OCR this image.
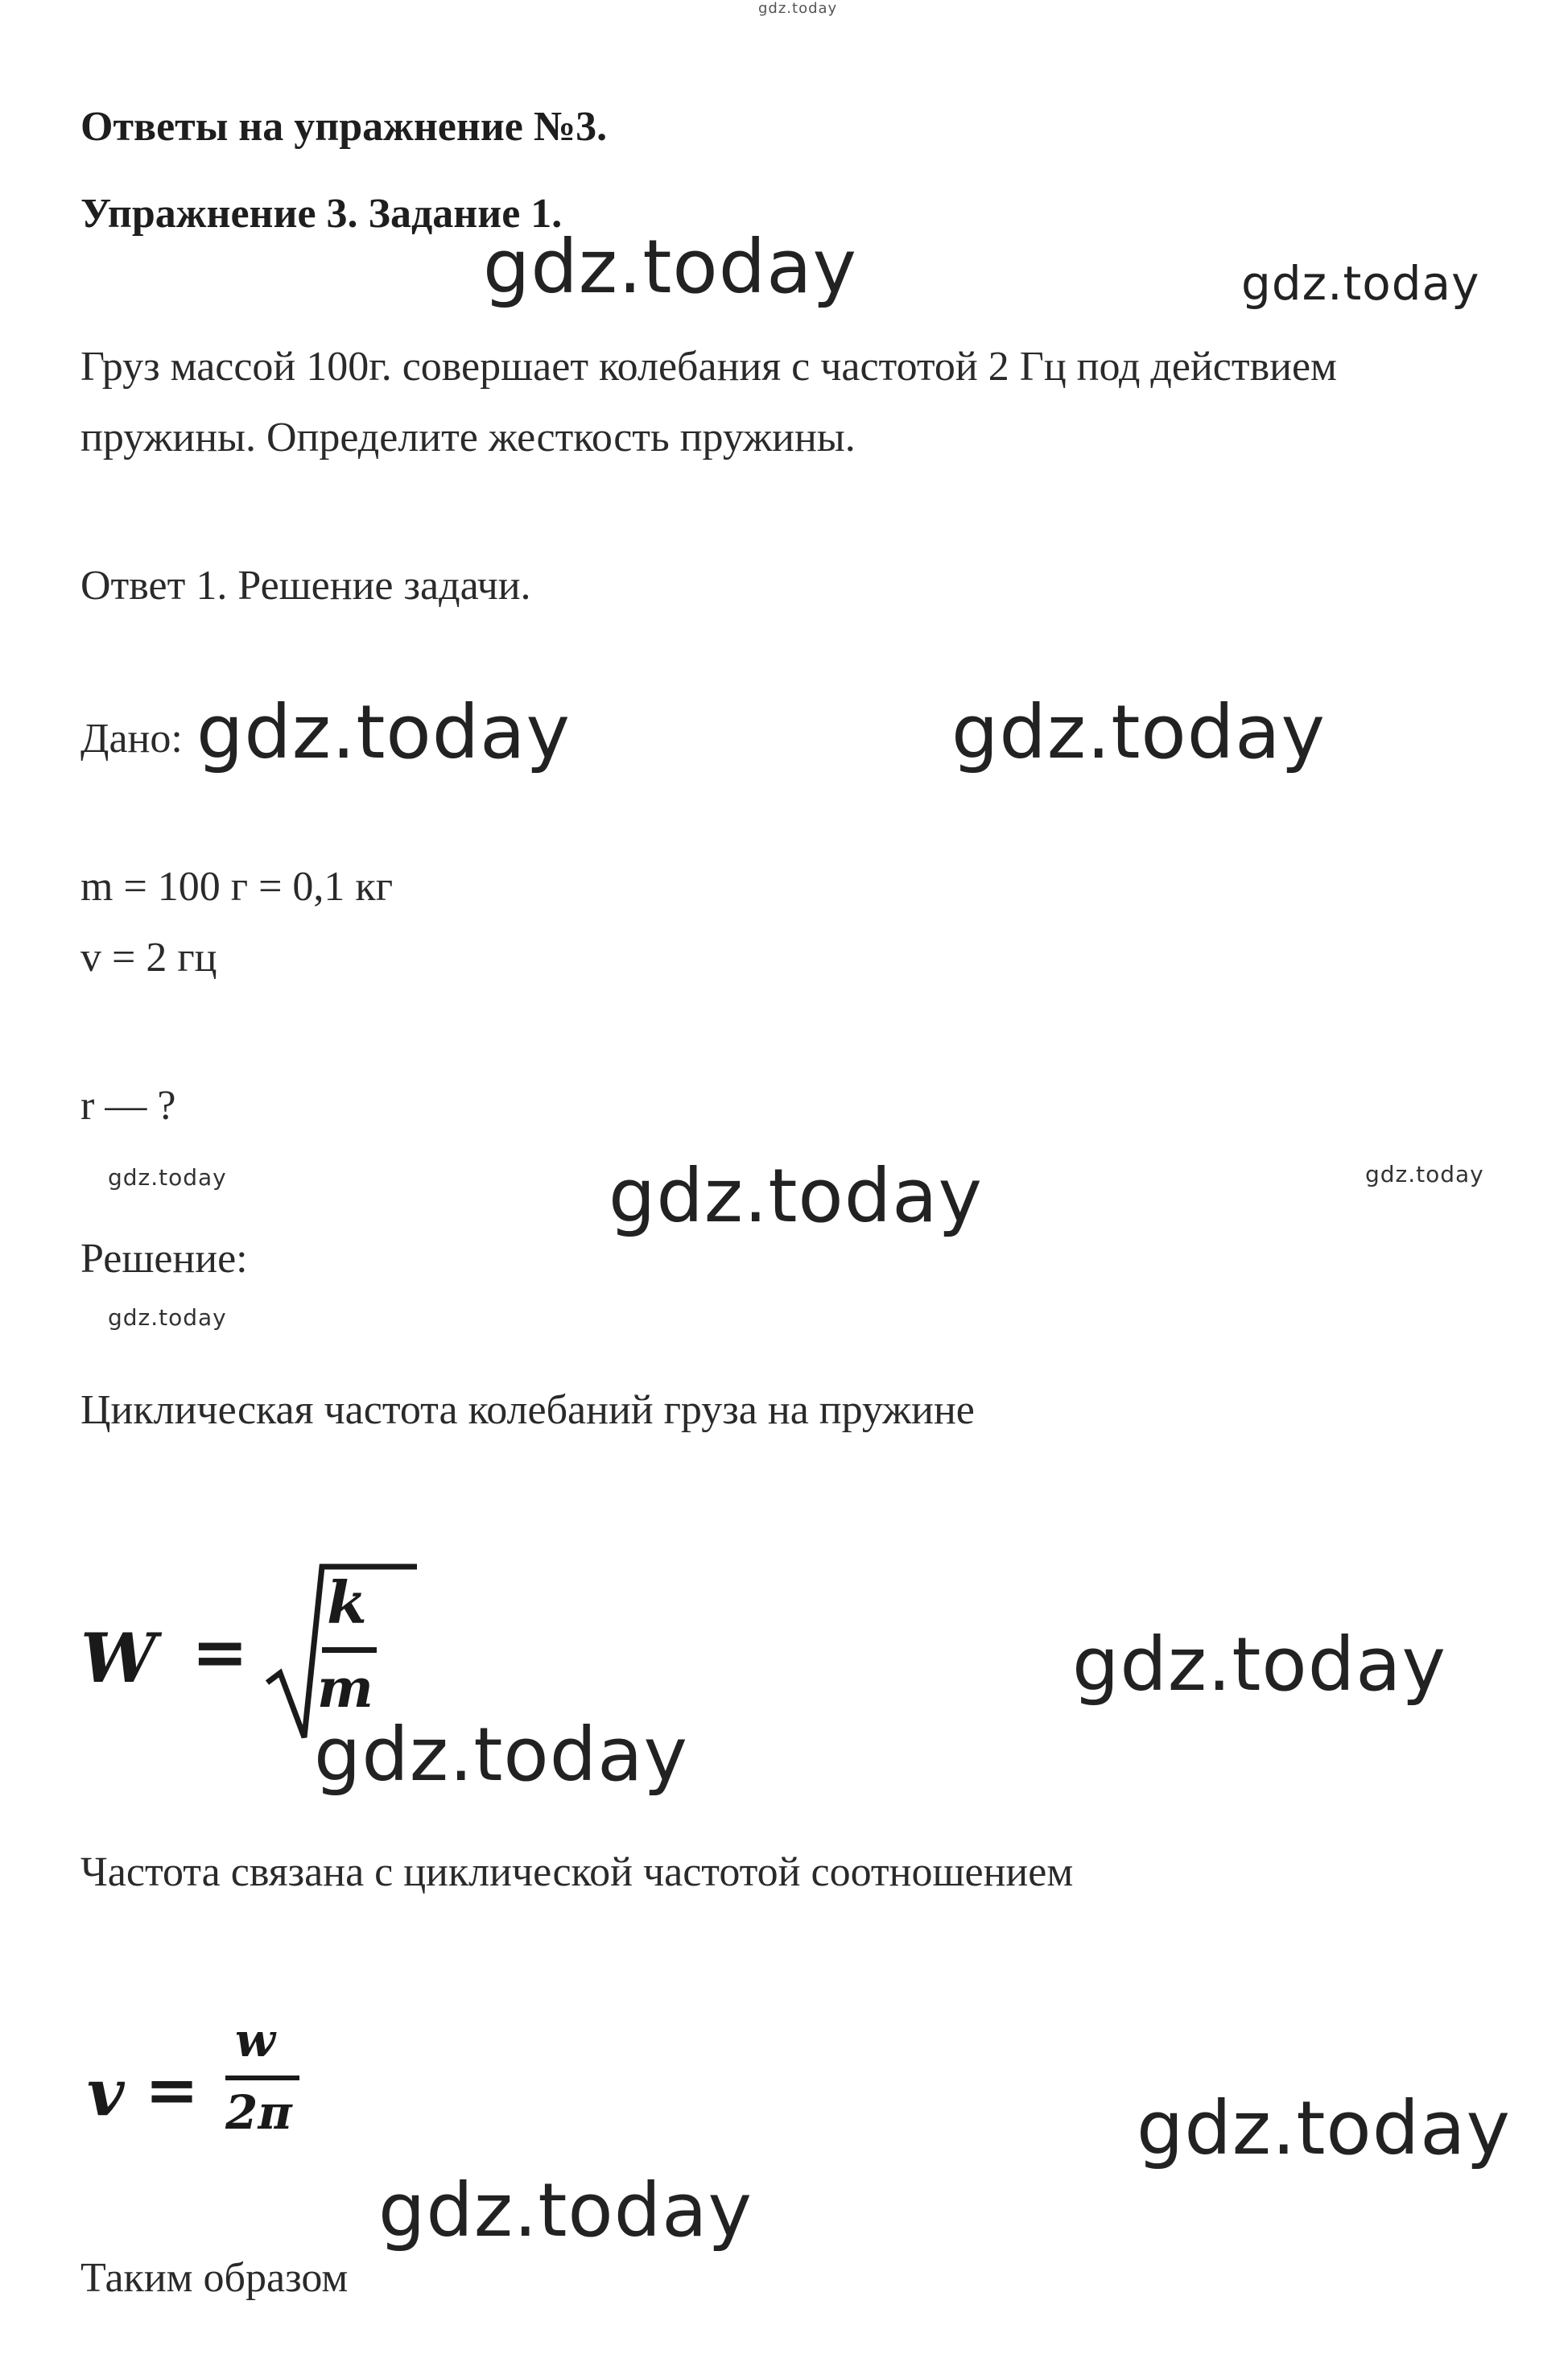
gdz.today
Ответы на упражнение №3.
Упражнение 3. Задание 1.
gdz.today	gdz.today
Груз массой 100г. совершает колебания с частотой 2 Гц под действием
пружины. Определите жесткость пружины.
Ответ 1. Решение задачи.
Дано: gdz.today	gdz.today
m = 100 г = 0,1 кг
v = 2 гц
r — ?
gdz.today	gdz.today	gdz.today
Решение:
gdz.today
Циклическая частота колебаний груза на пружине
W =
k
m	gdz.today
gdz.today
Частота связана с циклической частотой соотношением
v =
w
2π	gdz.today
gdz.today
Таким образом
